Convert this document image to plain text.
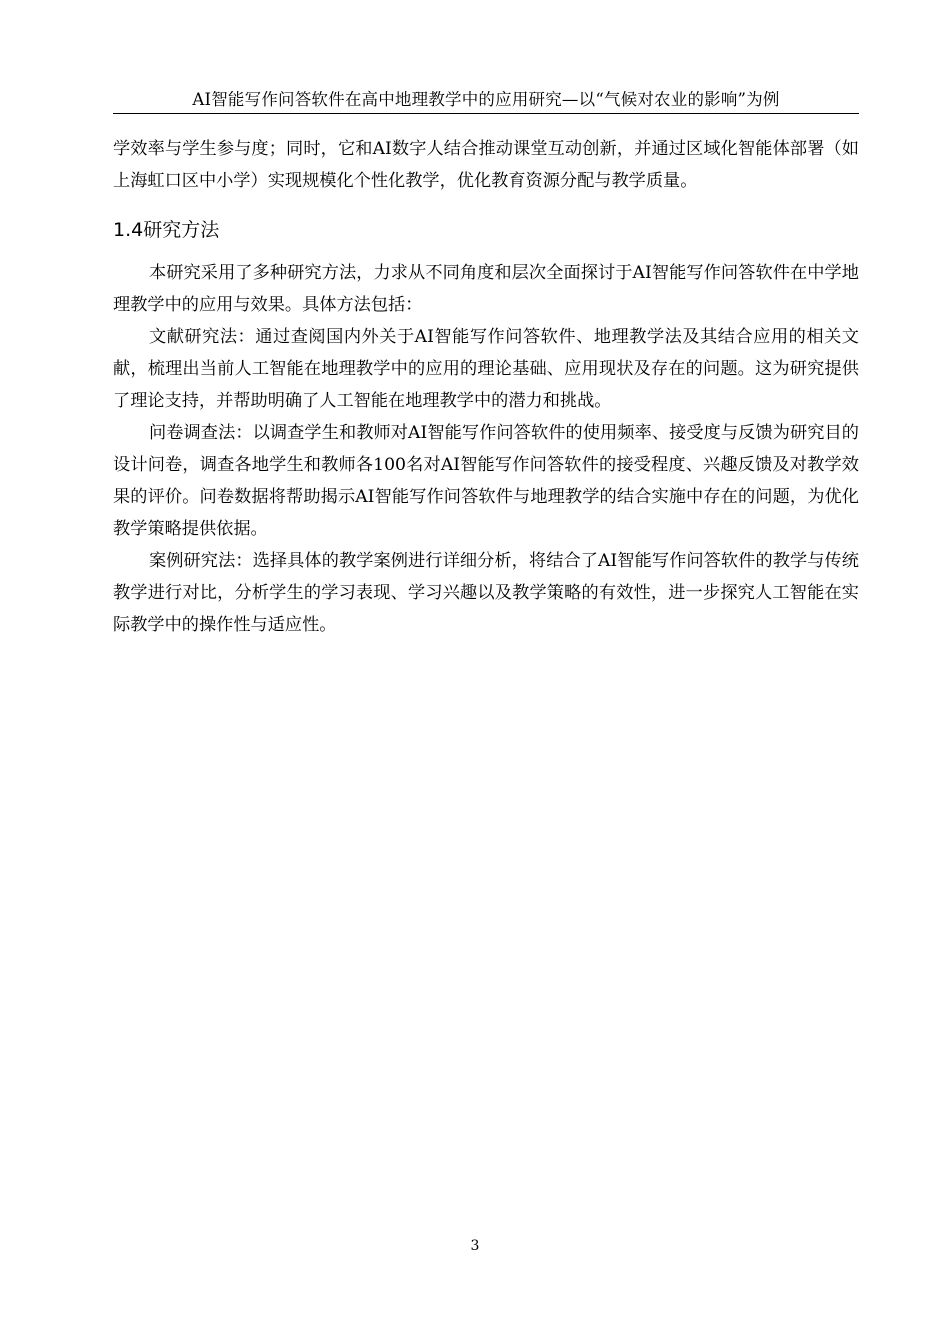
AI智能写作问答软件在高中地理教学中的应用研究—以“气候对农业的影响”为例

学效率与学生参与度；同时，它和AI数字人结合推动课堂互动创新，并通过区域化智能体部署（如上海虹口区中小学）实现规模化个性化教学，优化教育资源分配与教学质量。

1.4研究方法

本研究采用了多种研究方法，力求从不同角度和层次全面探讨于AI智能写作问答软件在中学地理教学中的应用与效果。具体方法包括：

文献研究法：通过查阅国内外关于AI智能写作问答软件、地理教学法及其结合应用的相关文献，梳理出当前人工智能在地理教学中的应用的理论基础、应用现状及存在的问题。这为研究提供了理论支持，并帮助明确了人工智能在地理教学中的潜力和挑战。

问卷调查法：以调查学生和教师对AI智能写作问答软件的使用频率、接受度与反馈为研究目的设计问卷，调查各地学生和教师各100名对AI智能写作问答软件的接受程度、兴趣反馈及对教学效果的评价。问卷数据将帮助揭示AI智能写作问答软件与地理教学的结合实施中存在的问题，为优化教学策略提供依据。

案例研究法：选择具体的教学案例进行详细分析，将结合了AI智能写作问答软件的教学与传统教学进行对比，分析学生的学习表现、学习兴趣以及教学策略的有效性，进一步探究人工智能在实际教学中的操作性与适应性。

3
